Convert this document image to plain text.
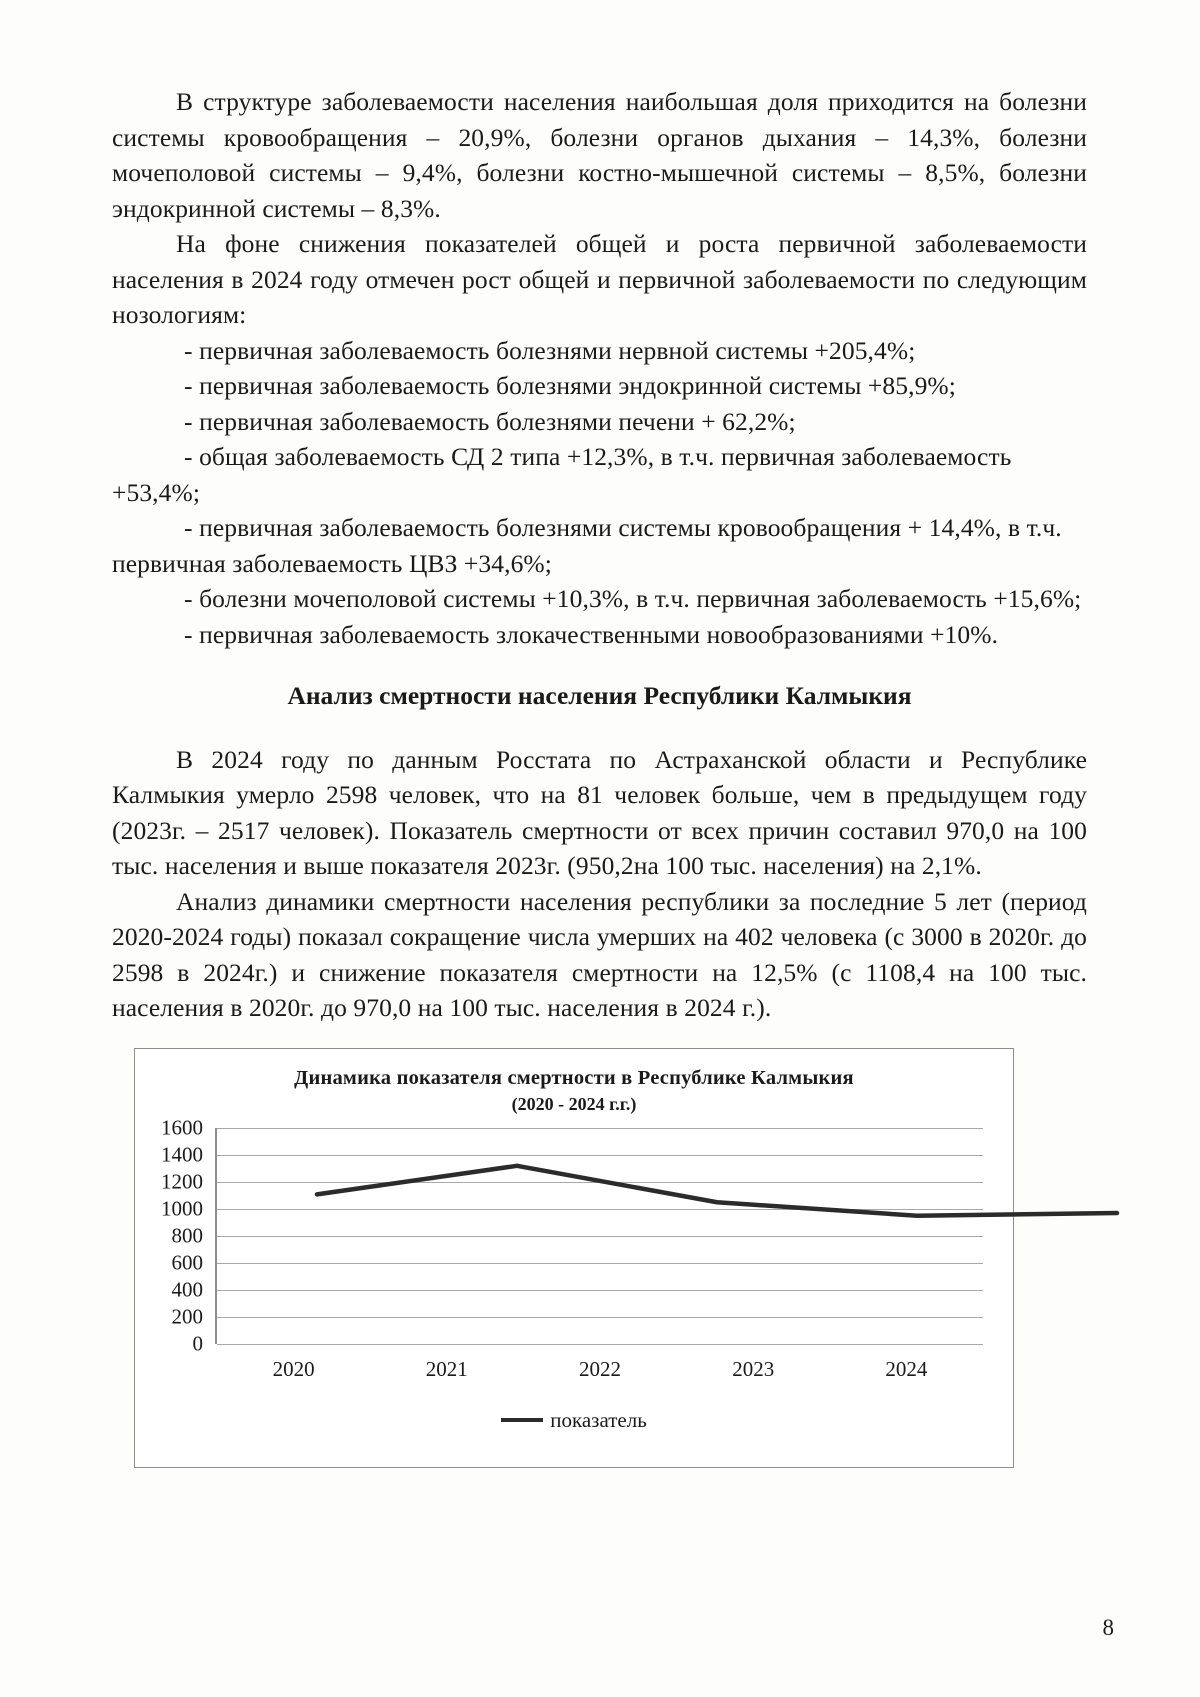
В структуре заболеваемости населения наибольшая доля приходится на болезни системы кровообращения – 20,9%, болезни органов дыхания – 14,3%, болезни мочеполовой системы – 9,4%, болезни костно-мышечной системы – 8,5%, болезни эндокринной системы – 8,3%.

На фоне снижения показателей общей и роста первичной заболеваемости населения в 2024 году отмечен рост общей и первичной заболеваемости по следующим нозологиям:

- первичная заболеваемость болезнями нервной системы +205,4%;

- первичная заболеваемость болезнями эндокринной системы +85,9%;

- первичная заболеваемость болезнями печени + 62,2%;

- общая заболеваемость СД 2 типа +12,3%, в т.ч. первичная заболеваемость +53,4%;

- первичная заболеваемость болезнями системы кровообращения + 14,4%, в т.ч. первичная заболеваемость ЦВЗ +34,6%;

- болезни мочеполовой системы +10,3%, в т.ч. первичная заболеваемость +15,6%;

- первичная заболеваемость злокачественными новообразованиями +10%.

Анализ смертности населения Республики Калмыкия

В 2024 году по данным Росстата по Астраханской области и Республике Калмыкия умерло 2598 человек, что на 81 человек больше, чем в предыдущем году (2023г. – 2517 человек). Показатель смертности от всех причин составил 970,0 на 100 тыс. населения и выше показателя 2023г. (950,2на 100 тыс. населения) на 2,1%.

Анализ динамики смертности населения республики за последние 5 лет (период 2020-2024 годы) показал сокращение числа умерших на 402 человека (с 3000 в 2020г. до 2598 в 2024г.) и снижение показателя смертности на 12,5% (с 1108,4 на 100 тыс. населения в 2020г. до 970,0 на 100 тыс. населения в 2024 г.).

Динамика показателя смертности в Республике Калмыкия
(2020 - 2024 г.г.)
1600
1400
1200
1000
800
600
400
200
0
2020	2021	2022	2023	2024
показатель
8
